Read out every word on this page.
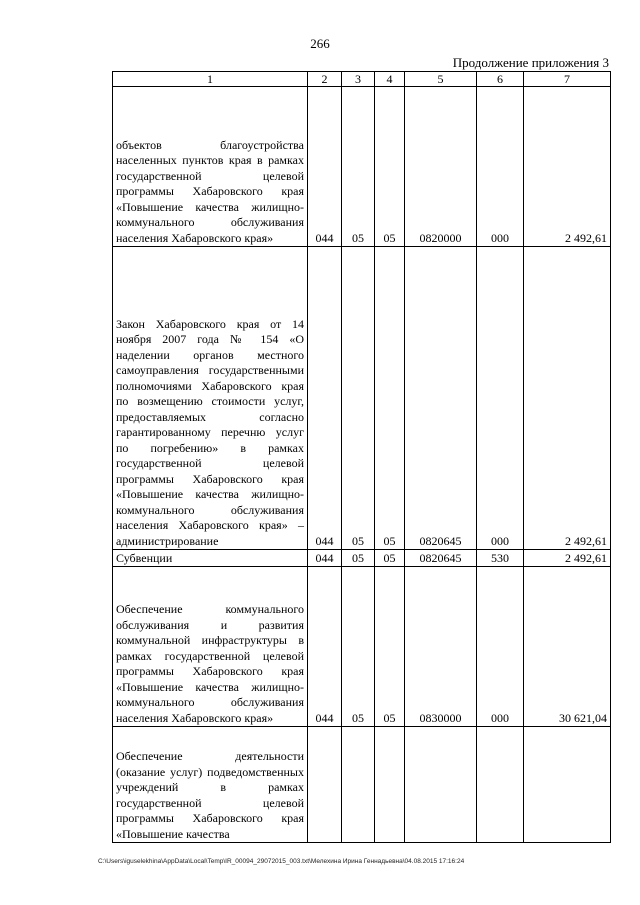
266
Продолжение приложения 3
1	2	3	4	5	6	7
объектов благоустройства населенных пунктов края в рамках государственной целевой программы Хабаровского края «Повышение качества жилищно-коммунального обслуживания населения Хабаровского края»	044	05	05	0820000	000	2 492,61
Закон Хабаровского края от 14 ноября 2007 года № 154 «О наделении органов местного самоуправления государственными полномочиями Хабаровского края по возмещению стоимости услуг, предоставляемых согласно гарантированному перечню услуг по погребению» в рамках государственной целевой программы Хабаровского края «Повышение качества жилищно-коммунального обслуживания населения Хабаровского края» – администрирование	044	05	05	0820645	000	2 492,61
Субвенции	044	05	05	0820645	530	2 492,61
Обеспечение коммунального обслуживания и развития коммунальной инфраструктуры в рамках государственной целевой программы Хабаровского края «Повышение качества жилищно-коммунального обслуживания населения Хабаровского края»	044	05	05	0830000	000	30 621,04
Обеспечение деятельности (оказание услуг) подведомственных учреждений в рамках государственной целевой программы Хабаровского края «Повышение качества						
C:\Users\iguselekhina\AppData\Local\Temp\IR_00094_29072015_003.txt\Мелехина Ирина Геннадьевна\04.08.2015 17:16:24
